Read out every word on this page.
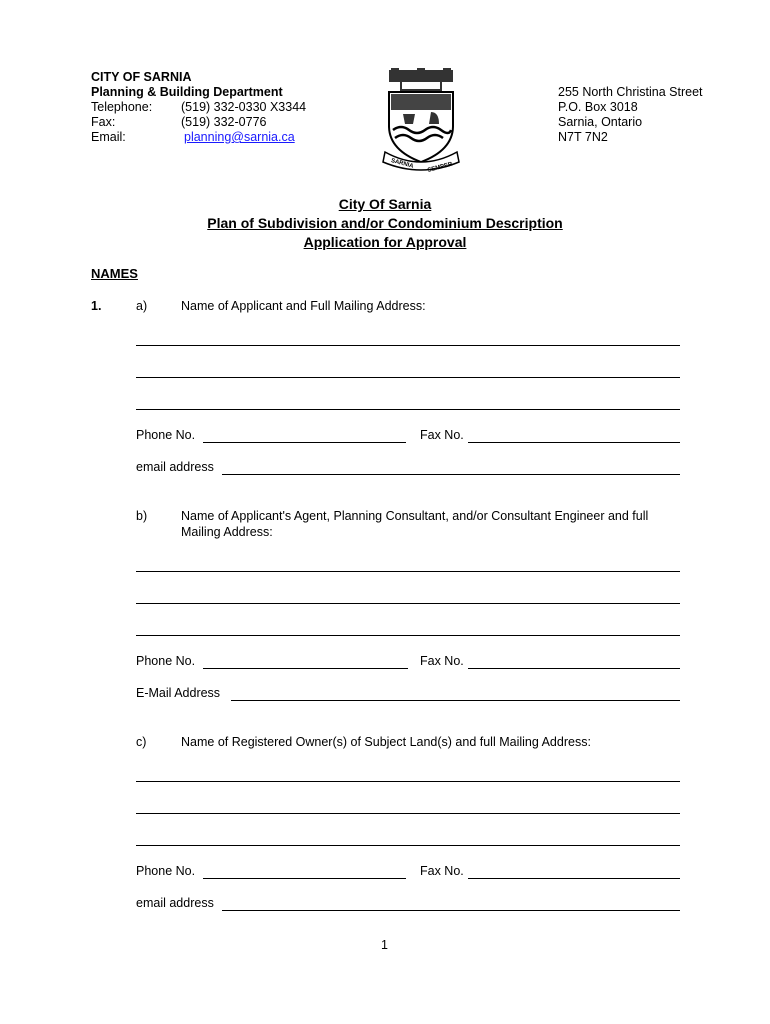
CITY OF SARNIA
Planning & Building Department
Telephone: (519) 332-0330 X3344
Fax:	(519) 332-0776
Email:	planning@sarnia.ca
SARNIA SEMPER
255 North Christina Street
P.O. Box 3018
Sarnia, Ontario
N7T 7N2
City Of Sarnia
Plan of Subdivision and/or Condominium Description
Application for Approval
NAMES
1.	a)	Name of Applicant and Full Mailing Address:
Phone No.	Fax No.
email address
b)	Name of Applicant's Agent, Planning Consultant, and/or Consultant Engineer and full
Mailing Address:
Phone No.	Fax No.
E-Mail Address
c)	Name of Registered Owner(s) of Subject Land(s) and full Mailing Address:
Phone No.	Fax No.
email address
1
